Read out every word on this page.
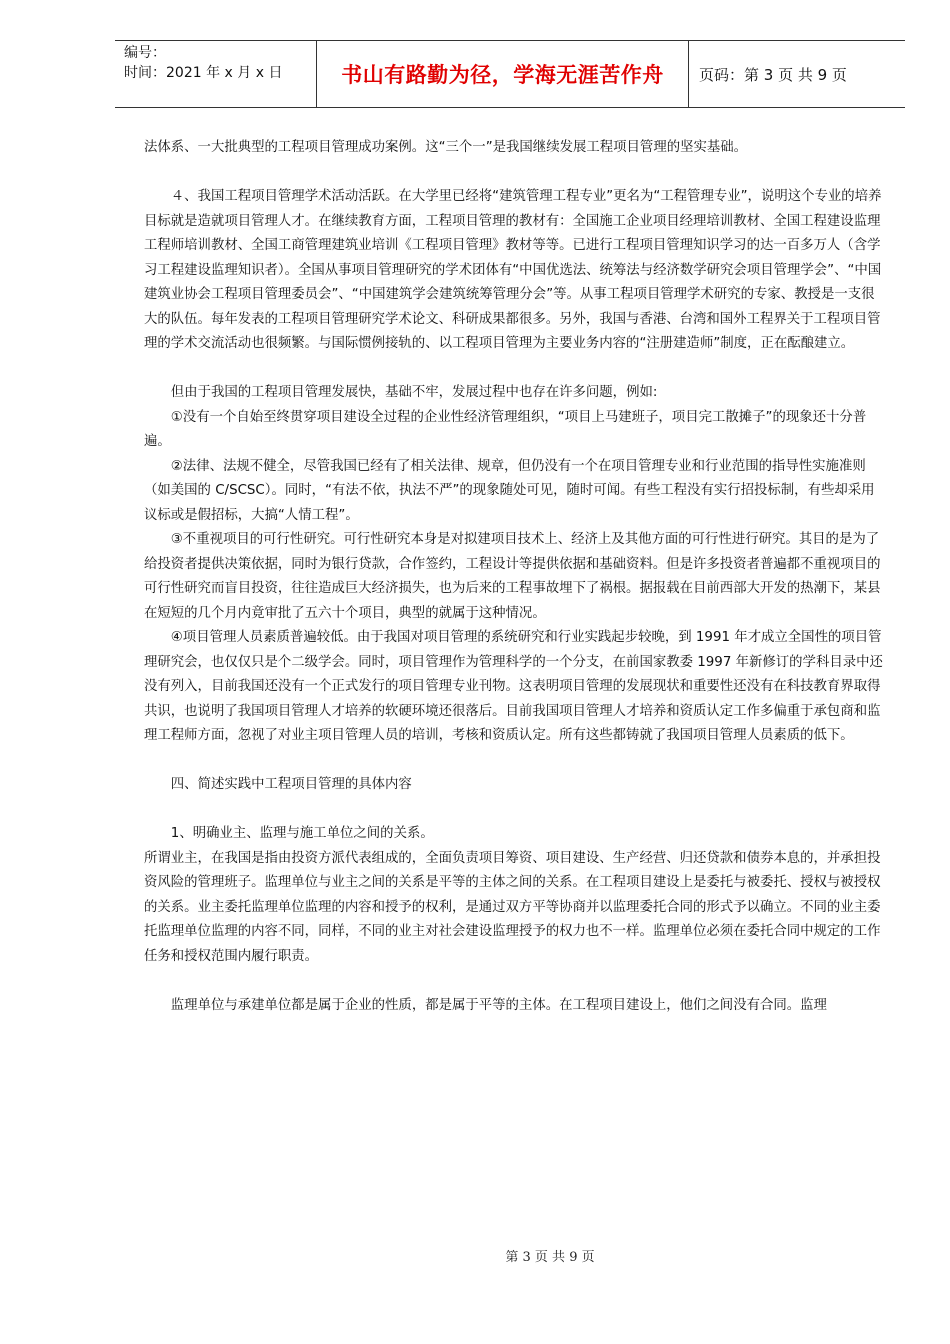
编号：
时间：2021 年 x 月 x 日	书山有路勤为径，学海无涯苦作舟	页码：第 3 页 共 9 页

法体系、一大批典型的工程项目管理成功案例。这“三个一”是我国继续发展工程项目管理的坚实基础。

４、我国工程项目管理学术活动活跃。在大学里已经将“建筑管理工程专业”更名为“工程管理专业”，说明这个专业的培养目标就是造就项目管理人才。在继续教育方面，工程项目管理的教材有：全国施工企业项目经理培训教材、全国工程建设监理工程师培训教材、全国工商管理建筑业培训《工程项目管理》教材等等。已进行工程项目管理知识学习的达一百多万人（含学习工程建设监理知识者）。全国从事项目管理研究的学术团体有“中国优选法、统筹法与经济数学研究会项目管理学会”、“中国建筑业协会工程项目管理委员会”、“中国建筑学会建筑统筹管理分会”等。从事工程项目管理学术研究的专家、教授是一支很大的队伍。每年发表的工程项目管理研究学术论文、科研成果都很多。另外，我国与香港、台湾和国外工程界关于工程项目管理的学术交流活动也很频繁。与国际惯例接轨的、以工程项目管理为主要业务内容的“注册建造师”制度，正在酝酿建立。

但由于我国的工程项目管理发展快，基础不牢，发展过程中也存在许多问题，例如:

①没有一个自始至终贯穿项目建设全过程的企业性经济管理组织，“项目上马建班子，项目完工散摊子”的现象还十分普遍。

②法律、法规不健全，尽管我国已经有了相关法律、规章，但仍没有一个在项目管理专业和行业范围的指导性实施准则（如美国的 C/SCSC）。同时，“有法不依，执法不严”的现象随处可见，随时可闻。有些工程没有实行招投标制，有些却采用议标或是假招标，大搞“人情工程”。

③不重视项目的可行性研究。可行性研究本身是对拟建项目技术上、经济上及其他方面的可行性进行研究。其目的是为了给投资者提供决策依据，同时为银行贷款，合作签约，工程设计等提供依据和基础资料。但是许多投资者普遍都不重视项目的可行性研究而盲目投资，往往造成巨大经济损失，也为后来的工程事故埋下了祸根。据报载在目前西部大开发的热潮下，某县在短短的几个月内竟审批了五六十个项目，典型的就属于这种情况。

④项目管理人员素质普遍较低。由于我国对项目管理的系统研究和行业实践起步较晚，到 1991 年才成立全国性的项目管理研究会，也仅仅只是个二级学会。同时，项目管理作为管理科学的一个分支，在前国家教委 1997 年新修订的学科目录中还没有列入，目前我国还没有一个正式发行的项目管理专业刊物。这表明项目管理的发展现状和重要性还没有在科技教育界取得共识，也说明了我国项目管理人才培养的软硬环境还很落后。目前我国项目管理人才培养和资质认定工作多偏重于承包商和监理工程师方面，忽视了对业主项目管理人员的培训，考核和资质认定。所有这些都铸就了我国项目管理人员素质的低下。

四、简述实践中工程项目管理的具体内容

1、明确业主、监理与施工单位之间的关系。

所谓业主，在我国是指由投资方派代表组成的，全面负责项目筹资、项目建设、生产经营、归还贷款和债券本息的，并承担投资风险的管理班子。监理单位与业主之间的关系是平等的主体之间的关系。在工程项目建设上是委托与被委托、授权与被授权的关系。业主委托监理单位监理的内容和授予的权利，是通过双方平等协商并以监理委托合同的形式予以确立。不同的业主委托监理单位监理的内容不同，同样，不同的业主对社会建设监理授予的权力也不一样。监理单位必须在委托合同中规定的工作任务和授权范围内履行职责。

监理单位与承建单位都是属于企业的性质，都是属于平等的主体。在工程项目建设上，他们之间没有合同。监理

第 3 页 共 9 页
